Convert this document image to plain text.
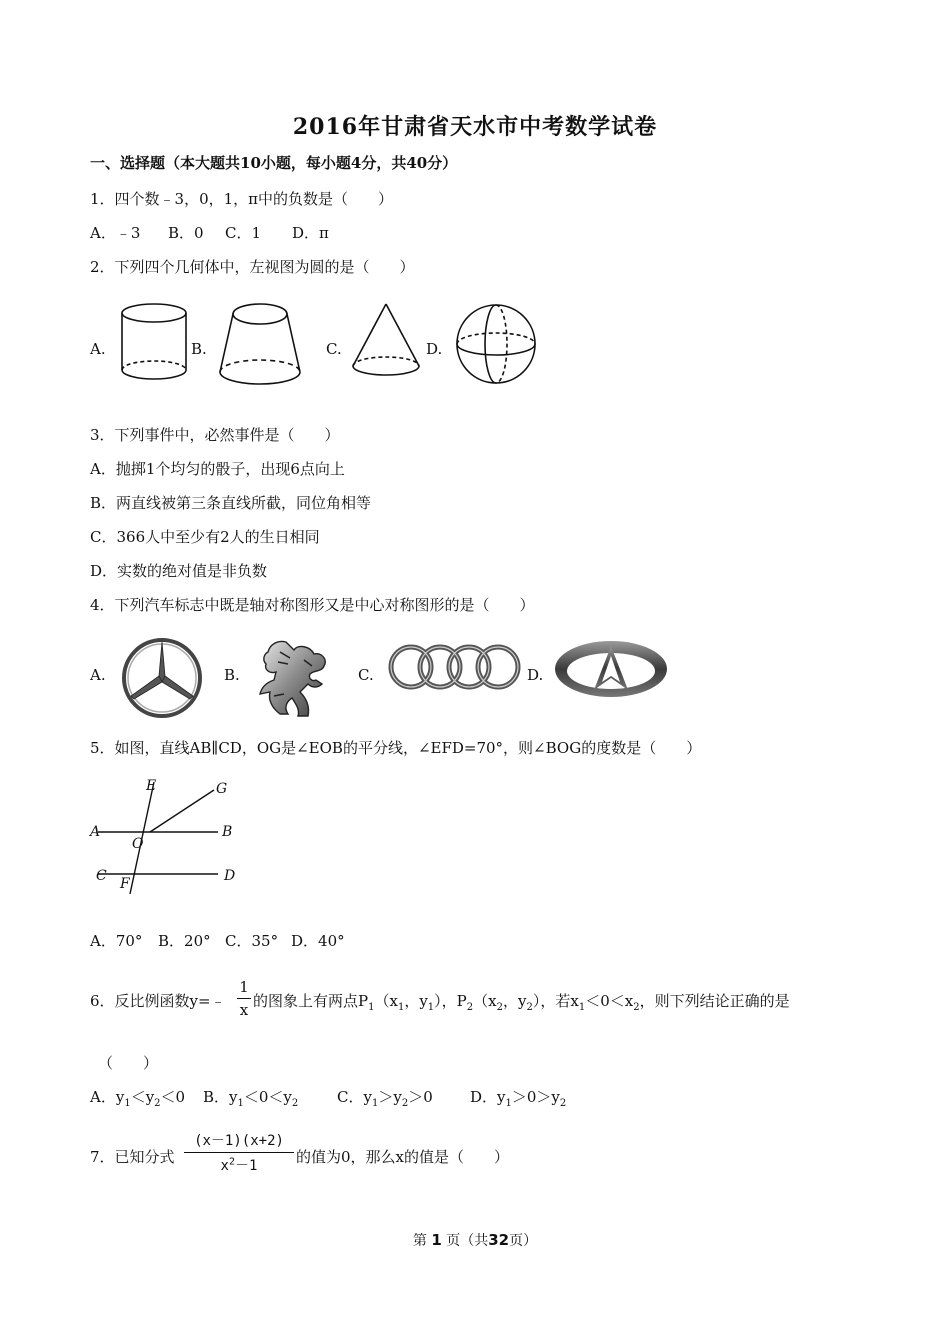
2016年甘肃省天水市中考数学试卷
一、选择题（本大题共10小题，每小题4分，共40分）
1．四个数﹣3，0，1，π中的负数是（　　）
A．﹣3 B．0 C．1 D．π
2．下列四个几何体中，左视图为圆的是（　　）
A.	B.	C.	D.
3．下列事件中，必然事件是（　　）
A．抛掷1个均匀的骰子，出现6点向上
B．两直线被第三条直线所截，同位角相等
C．366人中至少有2人的生日相同
D．实数的绝对值是非负数
4．下列汽车标志中既是轴对称图形又是中心对称图形的是（　　）
A.	B.	C.	D.
5．如图，直线AB∥CD，OG是∠EOB的平分线，∠EFD=70°，则∠BOG的度数是（　　）
E	G
A	B
O
C	D
F
A．70° B．20° C．35° D．40°
6．反比例函数y=﹣
1
x 的图象上有两点$P_1(x_1$，$y_1$），$P_2(x_2$，$y_2$），若$x_1<0<x_2$，则下列结论正确的是
（　　）
A．$y_1<y_2<0$ B．$y_1<0<y_2$	C．$y_1>y_2>0$ D．$y_1>0>y_2$
7．已知分式
(x－1)(x+2)
$x^2-1$	的值为0，那么x的值是（　　）
第 1 页（共32页）
